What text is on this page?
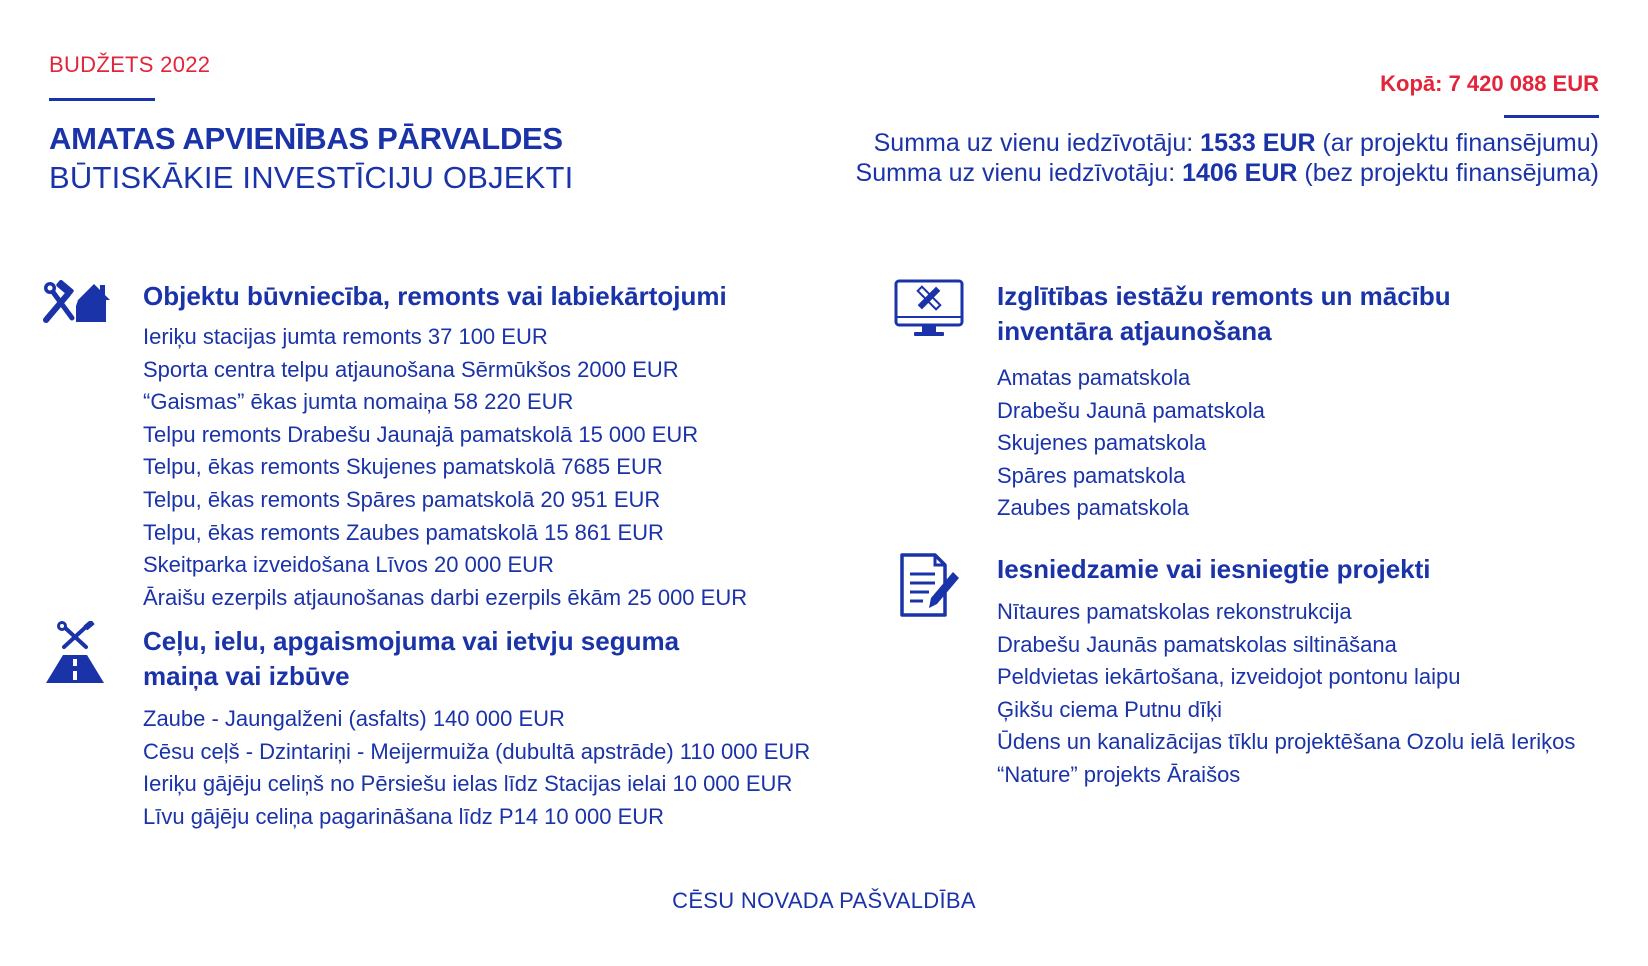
BUDŽETS 2022
AMATAS APVIENĪBAS PĀRVALDES
BŪTISKĀKIE INVESTĪCIJU OBJEKTI
Kopā: 7 420 088 EUR
Summa uz vienu iedzīvotāju: 1533 EUR (ar projektu finansējumu)
Summa uz vienu iedzīvotāju: 1406 EUR (bez projektu finansējuma)
Objektu būvniecība, remonts vai labiekārtojumi
Ieriķu stacijas jumta remonts 37 100 EUR
Sporta centra telpu atjaunošana Sērmūkšos 2000 EUR
“Gaismas” ēkas jumta nomaiņa 58 220 EUR
Telpu remonts Drabešu Jaunajā pamatskolā 15 000 EUR
Telpu, ēkas remonts Skujenes pamatskolā 7685 EUR
Telpu, ēkas remonts Spāres pamatskolā 20 951 EUR
Telpu, ēkas remonts Zaubes pamatskolā 15 861 EUR
Skeitparka izveidošana Līvos 20 000 EUR
Āraišu ezerpils atjaunošanas darbi ezerpils ēkām 25 000 EUR
Ceļu, ielu, apgaismojuma vai ietvju seguma
maiņa vai izbūve
Zaube - Jaungalženi (asfalts) 140 000 EUR
Cēsu ceļš - Dzintariņi - Meijermuiža (dubultā apstrāde) 110 000 EUR
Ieriķu gājēju celiņš no Pērsiešu ielas līdz Stacijas ielai 10 000 EUR
Līvu gājēju celiņa pagarināšana līdz P14 10 000 EUR
Izglītības iestāžu remonts un mācību
inventāra atjaunošana
Amatas pamatskola
Drabešu Jaunā pamatskola
Skujenes pamatskola
Spāres pamatskola
Zaubes pamatskola
Iesniedzamie vai iesniegtie projekti
Nītaures pamatskolas rekonstrukcija
Drabešu Jaunās pamatskolas siltināšana
Peldvietas iekārtošana, izveidojot pontonu laipu
Ģikšu ciema Putnu dīķi
Ūdens un kanalizācijas tīklu projektēšana Ozolu ielā Ieriķos
“Nature” projekts Āraišos
CĒSU NOVADA PAŠVALDĪBA
